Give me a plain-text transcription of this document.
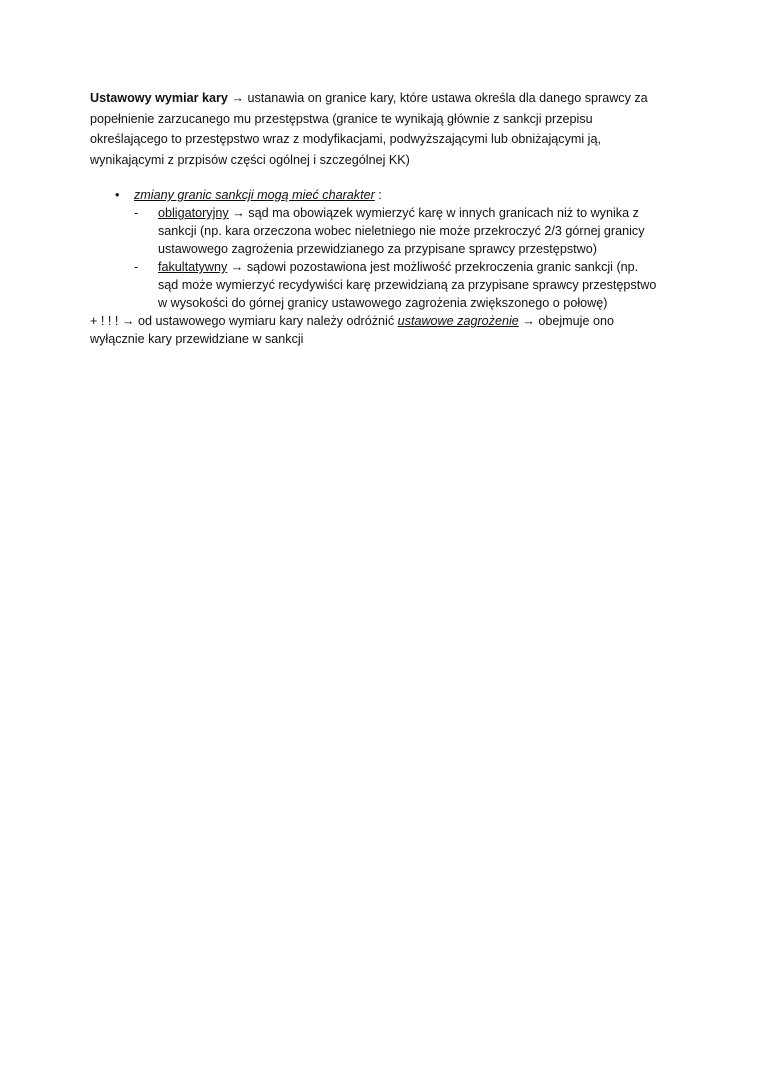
Ustawowy wymiar kary → ustanawia on granice kary, które ustawa określa dla danego sprawcy za
popełnienie zarzucanego mu przestępstwa (granice te wynikają głównie z sankcji przepisu
określającego to przestępstwo wraz z modyfikacjami, podwyższającymi lub obniżającymi ją,
wynikającymi z przpisów części ogólnej i szczególnej KK)

• zmiany granic sankcji mogą mieć charakter :
- obligatoryjny → sąd ma obowiązek wymierzyć karę w innych granicach niż to wynika z
sankcji (np. kara orzeczona wobec nieletniego nie może przekroczyć 2/3 górnej granicy
ustawowego zagrożenia przewidzianego za przypisane sprawcy przestępstwo)
- fakultatywny → sądowi pozostawiona jest możliwość przekroczenia granic sankcji (np.
sąd może wymierzyć recydywiści karę przewidzianą za przypisane sprawcy przestępstwo
w wysokości do górnej granicy ustawowego zagrożenia zwiększonego o połowę)

+ ! ! ! → od ustawowego wymiaru kary należy odróżnić ustawowe zagrożenie → obejmuje ono
wyłącznie kary przewidziane w sankcji
